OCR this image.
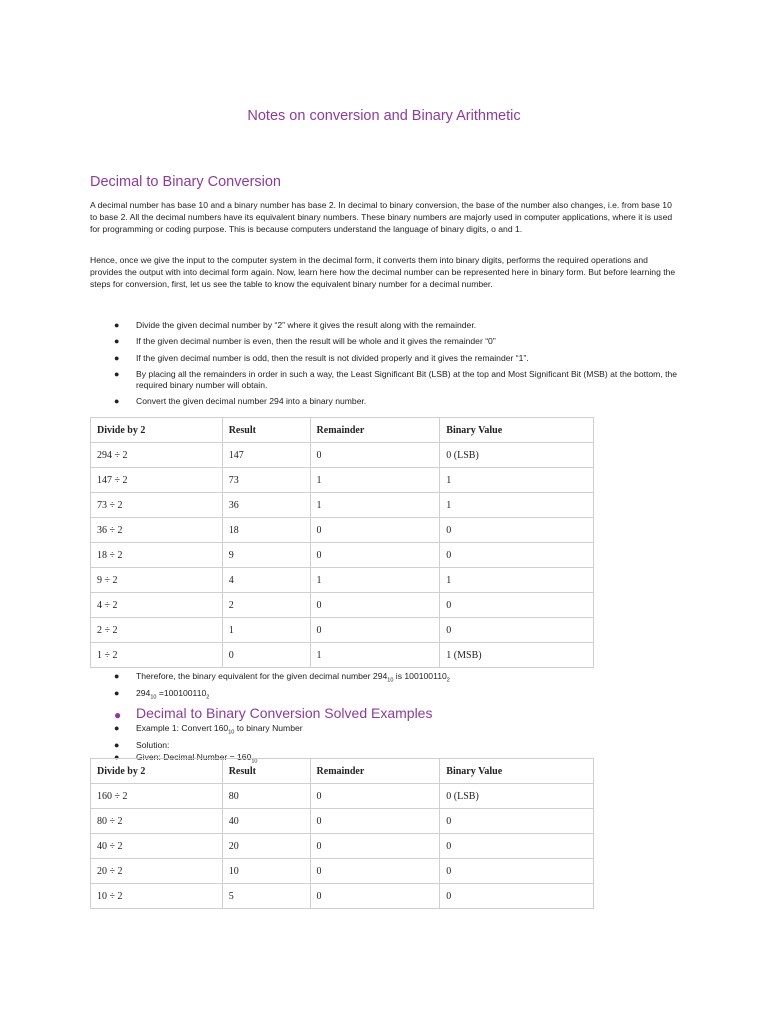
Notes on conversion and Binary Arithmetic
Decimal to Binary Conversion

A decimal number has base 10 and a binary number has base 2. In decimal to binary conversion, the base of the number also changes, i.e. from base 10 to base 2. All the decimal numbers have its equivalent binary numbers. These binary numbers are majorly used in computer applications, where it is used for programming or coding purpose. This is because computers understand the language of binary digits, o and 1.

Hence, once we give the input to the computer system in the decimal form, it converts them into binary digits, performs the required operations and provides the output with into decimal form again. Now, learn here how the decimal number can be represented here in binary form. But before learning the steps for conversion, first, let us see the table to know the equivalent binary number for a decimal number.

● Divide the given decimal number by “2” where it gives the result along with the remainder.
● If the given decimal number is even, then the result will be whole and it gives the remainder “0”
● If the given decimal number is odd, then the result is not divided properly and it gives the remainder “1”.
● By placing all the remainders in order in such a way, the Least Significant Bit (LSB) at the top and Most Significant Bit (MSB) at the bottom, the required binary number will obtain.
● Convert the given decimal number 294 into a binary number.
Divide by 2	Result	Remainder	Binary Value
294 ÷ 2	147	0	0 (LSB)
147 ÷ 2	73	1	1
73 ÷ 2	36	1	1
36 ÷ 2	18	0	0
18 ÷ 2	9	0	0
9 ÷ 2	4	1	1
4 ÷ 2	2	0	0
2 ÷ 2	1	0	0
1 ÷ 2	0	1	1 (MSB)
● Therefore, the binary equivalent for the given decimal number $294_{10}$ is $100100110_2$
● $294_{10} =100100110_2$
● Decimal to Binary Conversion Solved Examples
● Example 1: Convert $160_{10}$ to binary Number
● Solution:
● Given: Decimal Number = $160_{10}$
Divide by 2	Result	Remainder	Binary Value
160 ÷ 2	80	0	0 (LSB)
80 ÷ 2	40	0	0
40 ÷ 2	20	0	0
20 ÷ 2	10	0	0
10 ÷ 2	5	0	0
